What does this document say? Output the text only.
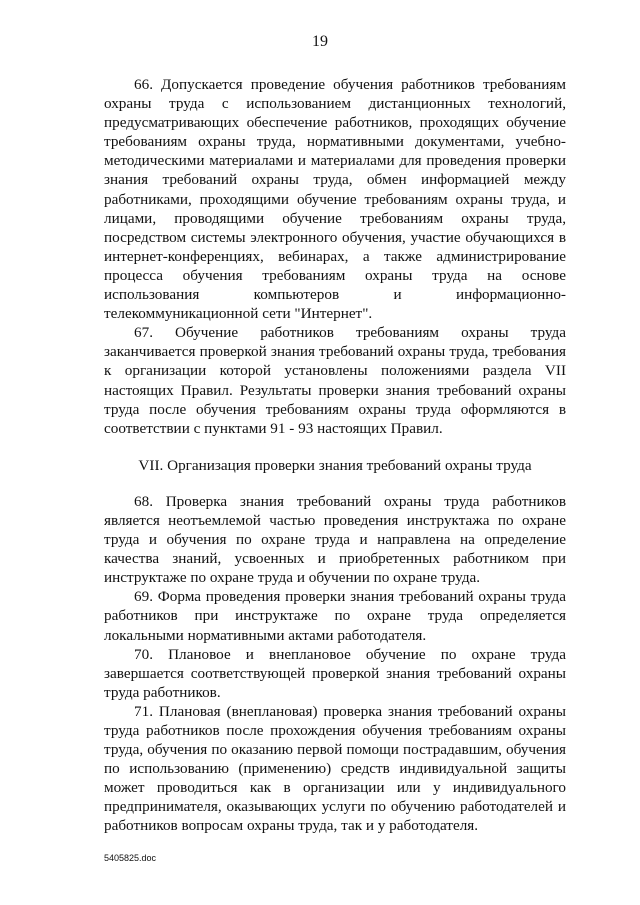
19

66. Допускается проведение обучения работников требованиям охраны труда с использованием дистанционных технологий, предусматривающих обеспечение работников, проходящих обучение требованиям охраны труда, нормативными документами, учебно-методическими материалами и материалами для проведения проверки знания требований охраны труда, обмен информацией между работниками, проходящими обучение требованиям охраны труда, и лицами, проводящими обучение требованиям охраны труда, посредством системы электронного обучения, участие обучающихся в интернет-конференциях, вебинарах, а также администрирование процесса обучения требованиям охраны труда на основе использования компьютеров и информационно-телекоммуникационной сети "Интернет".

67. Обучение работников требованиям охраны труда заканчивается проверкой знания требований охраны труда, требования к организации которой установлены положениями раздела VII настоящих Правил. Результаты проверки знания требований охраны труда после обучения требованиям охраны труда оформляются в соответствии с пунктами 91 - 93 настоящих Правил.

VII. Организация проверки знания требований охраны труда

68. Проверка знания требований охраны труда работников является неотъемлемой частью проведения инструктажа по охране труда и обучения по охране труда и направлена на определение качества знаний, усвоенных и приобретенных работником при инструктаже по охране труда и обучении по охране труда.

69. Форма проведения проверки знания требований охраны труда работников при инструктаже по охране труда определяется локальными нормативными актами работодателя.

70. Плановое и внеплановое обучение по охране труда завершается соответствующей проверкой знания требований охраны труда работников.

71. Плановая (внеплановая) проверка знания требований охраны труда работников после прохождения обучения требованиям охраны труда, обучения по оказанию первой помощи пострадавшим, обучения по использованию (применению) средств индивидуальной защиты может проводиться как в организации или у индивидуального предпринимателя, оказывающих услуги по обучению работодателей и работников вопросам охраны труда, так и у работодателя.

5405825.doc
